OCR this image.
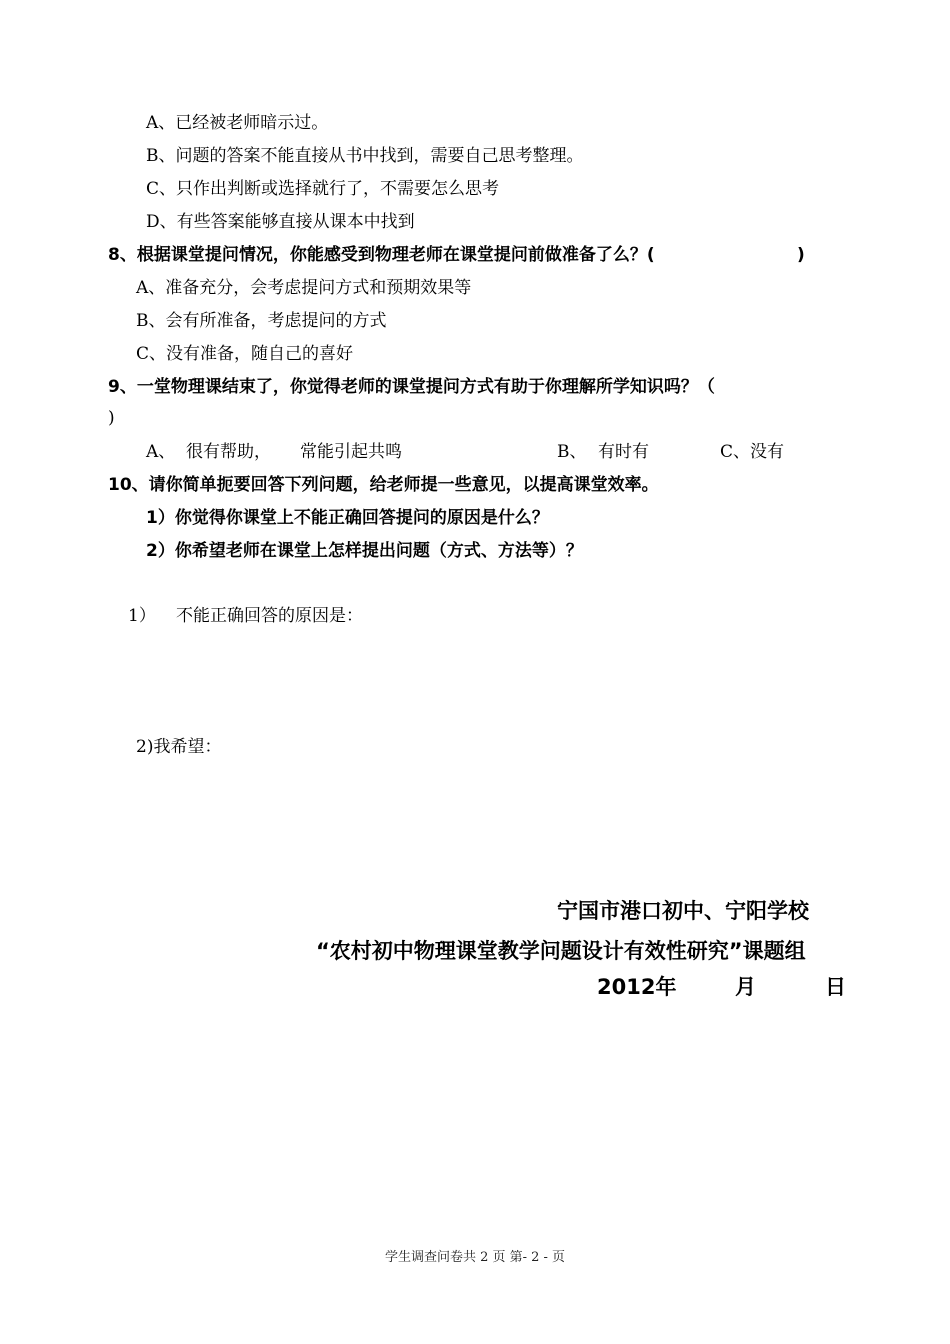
A、已经被老师暗示过。
B、问题的答案不能直接从书中找到，需要自己思考整理。
C、只作出判断或选择就行了，不需要怎么思考
D、有些答案能够直接从课本中找到
8、根据课堂提问情况，你能感受到物理老师在课堂提问前做准备了么？(	)
A、准备充分，会考虑提问方式和预期效果等
B、会有所准备，考虑提问的方式
C、没有准备，随自己的喜好
9、一堂物理课结束了，你觉得老师的课堂提问方式有助于你理解所学知识吗？（
)
A、 很有帮助， 常能引起共鸣	B、 有时有	C、没有
10、请你简单扼要回答下列问题，给老师提一些意见，以提高课堂效率。
1）你觉得你课堂上不能正确回答提问的原因是什么？
2）你希望老师在课堂上怎样提出问题（方式、方法等）？
1） 不能正确回答的原因是：
2)我希望：
宁国市港口初中、宁阳学校
“农村初中物理课堂教学问题设计有效性研究”课题组
2012年	月	日
学生调查问卷共 2 页 第- 2 - 页
